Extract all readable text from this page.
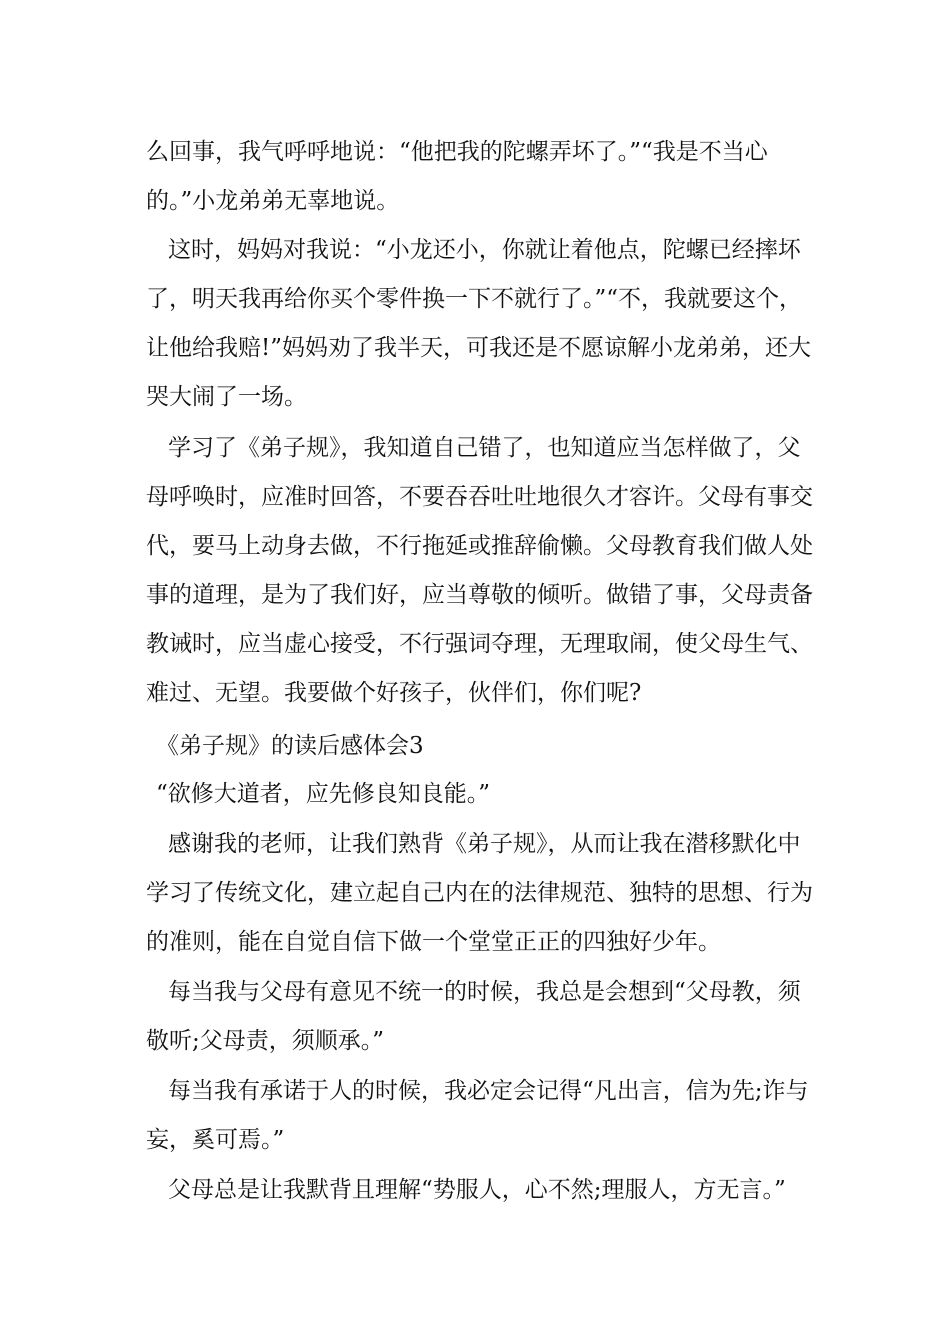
么回事，我气呼呼地说：“他把我的陀螺弄坏了。”“我是不当心
的。”小龙弟弟无辜地说。
这时，妈妈对我说：“小龙还小，你就让着他点，陀螺已经摔坏
了，明天我再给你买个零件换一下不就行了。”“不，我就要这个，
让他给我赔!”妈妈劝了我半天，可我还是不愿谅解小龙弟弟，还大
哭大闹了一场。
学习了《弟子规》，我知道自己错了，也知道应当怎样做了，父
母呼唤时，应准时回答，不要吞吞吐吐地很久才容许。父母有事交
代，要马上动身去做，不行拖延或推辞偷懒。父母教育我们做人处
事的道理，是为了我们好，应当尊敬的倾听。做错了事，父母责备
教诫时，应当虚心接受，不行强词夺理，无理取闹，使父母生气、
难过、无望。我要做个好孩子，伙伴们，你们呢?
《弟子规》的读后感体会3
“欲修大道者，应先修良知良能。”
感谢我的老师，让我们熟背《弟子规》，从而让我在潜移默化中
学习了传统文化，建立起自己内在的法律规范、独特的思想、行为
的准则，能在自觉自信下做一个堂堂正正的四独好少年。
每当我与父母有意见不统一的时候，我总是会想到“父母教，须
敬听;父母责，须顺承。”
每当我有承诺于人的时候，我必定会记得“凡出言，信为先;诈与
妄，奚可焉。”
父母总是让我默背且理解“势服人，心不然;理服人，方无言。”
